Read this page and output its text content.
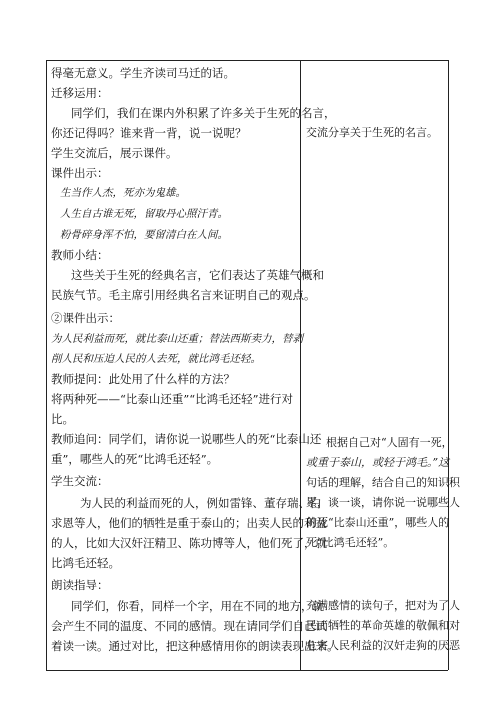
得毫无意义。学生齐读司马迁的话。
迁移运用：
同学们，我们在课内外积累了许多关于生死的名言，
你还记得吗？谁来背一背，说一说呢？
学生交流后，展示课件。
课件出示：
生当作人杰，死亦为鬼雄。
人生自古谁无死，留取丹心照汗青。
粉骨碎身浑不怕，要留清白在人间。
教师小结：
这些关于生死的经典名言，它们表达了英雄气概和
民族气节。毛主席引用经典名言来证明自己的观点。
②课件出示：
为人民利益而死，就比泰山还重；替法西斯卖力，替剥
削人民和压迫人民的人去死，就比鸿毛还轻。
教师提问：此处用了什么样的方法？
将两种死——“比泰山还重”“比鸿毛还轻”进行对
比。
教师追问：同学们，请你说一说哪些人的死“比泰山还
重”，哪些人的死“比鸿毛还轻”。
学生交流：
为人民的利益而死的人，例如雷锋、董存瑞、白
求恩等人，他们的牺牲是重于泰山的；出卖人民的利益
的人，比如大汉奸汪精卫、陈功博等人，他们死了，就
比鸿毛还轻。
朗读指导：
同学们，你看，同样一个字，用在不同的地方，就
会产生不同的温度、不同的感情。现在请同学们自己试
着读一读。通过对比，把这种感情用你的朗读表现出来。
交流分享关于生死的名言。
根据自己对“人固有一死，
或重于泰山，或轻于鸿毛。”这
句话的理解，结合自己的知识积
累，谈一谈，请你说一说哪些人
的死“比泰山还重”，哪些人的
死“比鸿毛还轻”。
充满感情的读句子，把对为了人
民而牺牲的革命英雄的敬佩和对
危害人民利益的汉奸走狗的厌恶
